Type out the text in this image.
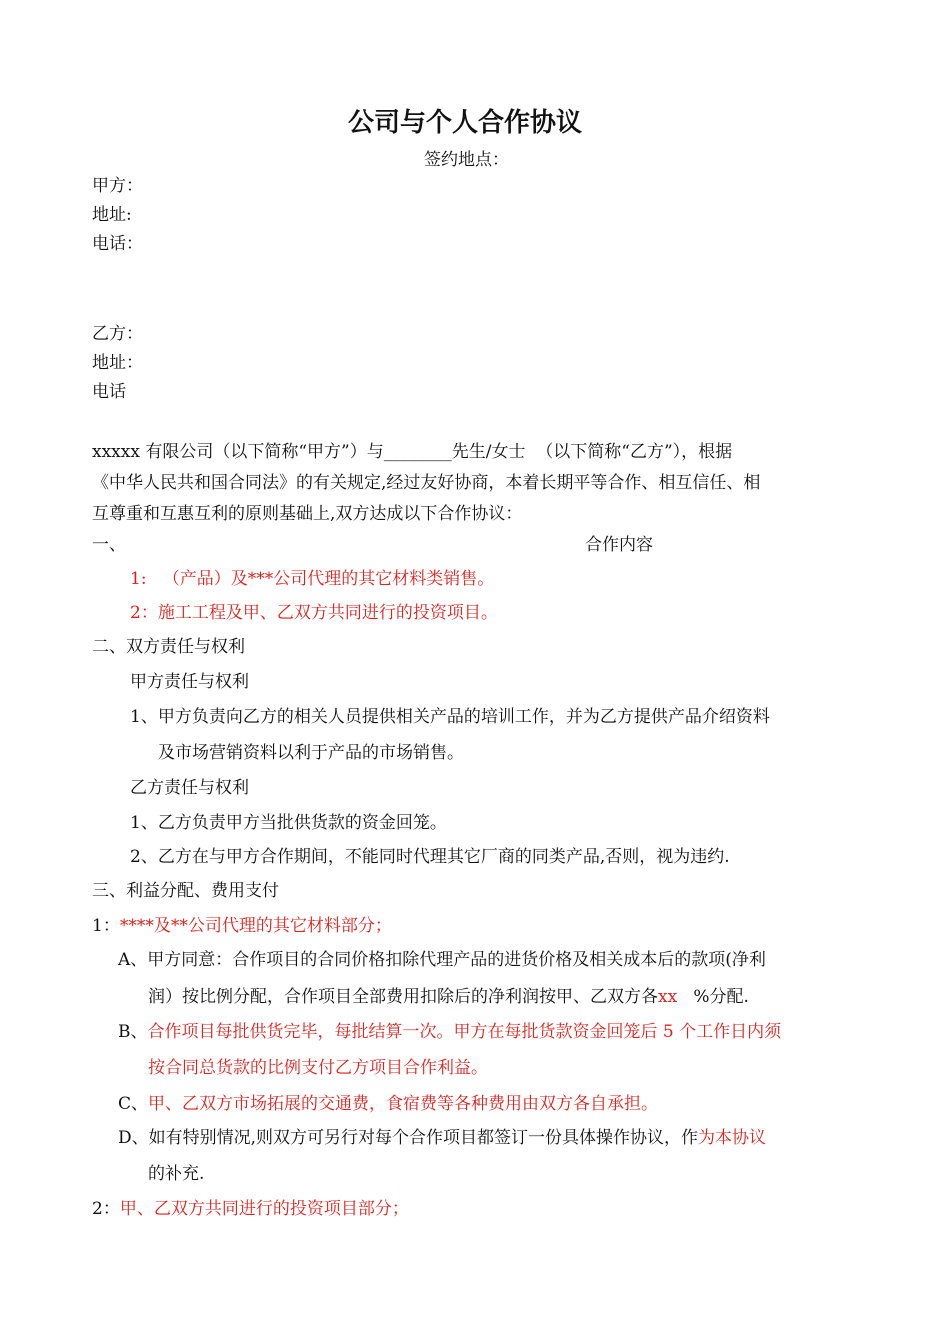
公司与个人合作协议
签约地点：
甲方：
地址:
电话：
乙方：
地址：
电话
xxxxx 有限公司（以下简称“甲方”）与________先生/女士  （以下简称“乙方”），根据
《中华人民共和国合同法》的有关规定,经过友好协商，本着长期平等合作、相互信任、相
互尊重和互惠互利的原则基础上,双方达成以下合作协议：
一、	合作内容
1:   （产品）及***公司代理的其它材料类销售。
2：施工工程及甲、乙双方共同进行的投资项目。
二、双方责任与权利
甲方责任与权利
1、甲方负责向乙方的相关人员提供相关产品的培训工作，并为乙方提供产品介绍资料
及市场营销资料以利于产品的市场销售。
乙方责任与权利
1、乙方负责甲方当批供货款的资金回笼。
2、乙方在与甲方合作期间，不能同时代理其它厂商的同类产品,否则，视为违约.
三、利益分配、费用支付
1：****及**公司代理的其它材料部分；
A、甲方同意：合作项目的合同价格扣除代理产品的进货价格及相关成本后的款项(净利
润）按比例分配，合作项目全部费用扣除后的净利润按甲、乙双方各xx   %分配.
B、合作项目每批供货完毕，每批结算一次。甲方在每批货款资金回笼后 5 个工作日内须
按合同总货款的比例支付乙方项目合作利益。
C、甲、乙双方市场拓展的交通费，食宿费等各种费用由双方各自承担。
D、如有特别情况,则双方可另行对每个合作项目都签订一份具体操作协议，作为本协议
的补充.
2：甲、乙双方共同进行的投资项目部分；
